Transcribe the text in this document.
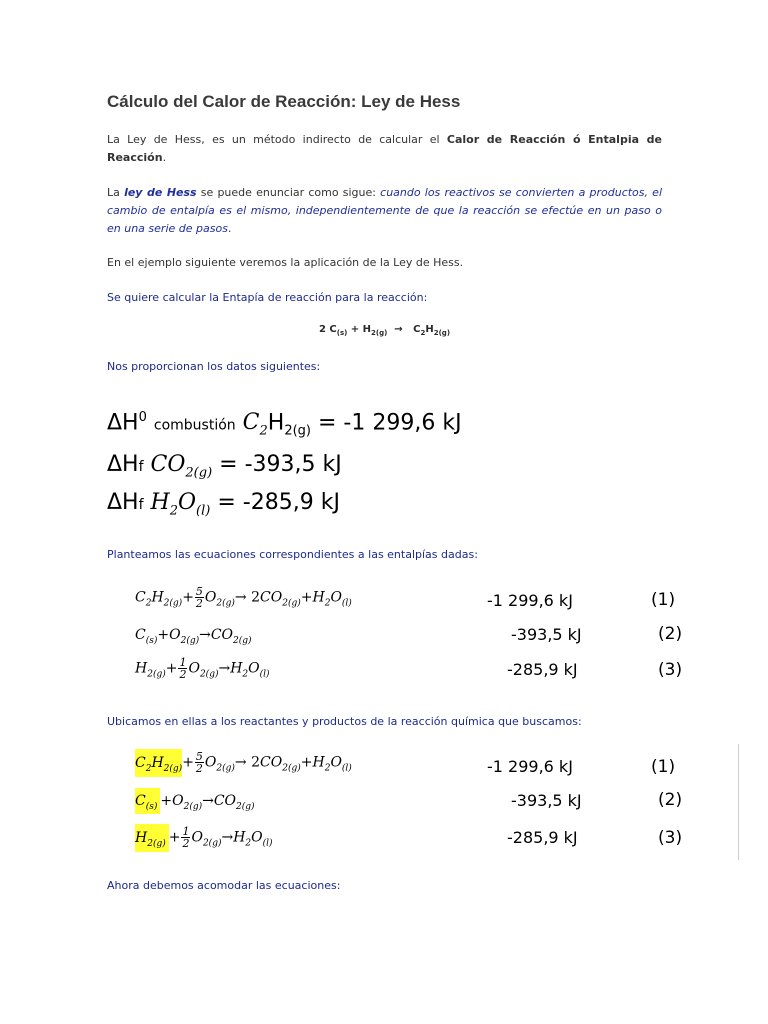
Cálculo del Calor de Reacción: Ley de Hess
La Ley de Hess, es un método indirecto de calcular el Calor de Reacción ó Entalpia de Reacción.
La ley de Hess se puede enunciar como sigue: cuando los reactivos se convierten a productos, el cambio de entalpía es el mismo, independientemente de que la reacción se efectúe en un paso o en una serie de pasos.
En el ejemplo siguiente veremos la aplicación de la Ley de Hess.
Se quiere calcular la Entapía de reacción para la reacción:
2 $C_{(s)} + H_{2(g)} \to C_2H_{2(g)}$
Nos proporcionan los datos siguientes:
$\Delta H^0$ combustión $C_2H_{2(g)} = -1$ 299,6 kJ
ΔHf $CO_{2(g)} = -393,5$ kJ
ΔHf $H_2O_{(l)} = -285,9$ kJ
Planteamos las ecuaciones correspondientes a las entalpías dadas:
$C_2H_{2(g)}+ \frac{5}{2} O_{2(g)}\to 2CO_{2(g)}+H_2O_{(l)}$	-1 299,6 kJ	(1)
$C_{(s)}+O_{2(g)}\to CO_{2(g)}$	-393,5 kJ	(2)
$H_{2(g)}+ \frac{1}{2} O_{2(g)}\to H_2O_{(l)}$	-285,9 kJ	(3)
Ubicamos en ellas a los reactantes y productos de la reacción química que buscamos:
$C_2H_{2(g)}+ \frac{5}{2} O_{2(g)}\to 2CO_{2(g)}+H_2O_{(l)}$	-1 299,6 kJ	(1)
$C_{(s)} +O_{2(g)}\to CO_{2(g)}$	-393,5 kJ	(2)
$H_{2(g)} + \frac{1}{2} O_{2(g)}\to H_2O_{(l)}$	-285,9 kJ	(3)
Ahora debemos acomodar las ecuaciones:
